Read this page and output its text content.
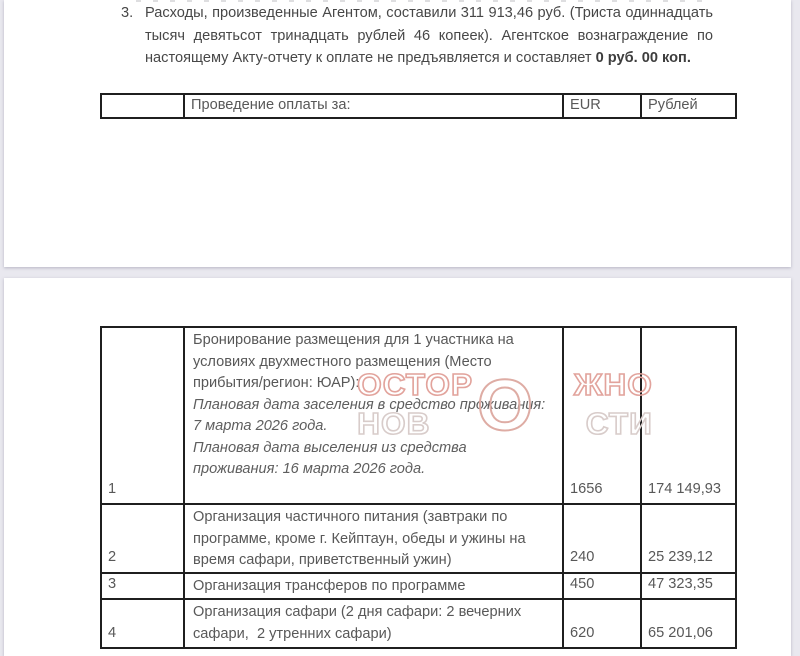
3. Расходы, произведенные Агентом, составили 311 913,46 руб. (Триста одиннадцать тысяч девятьсот тринадцать рублей 46 копеек). Агентское вознаграждение по настоящему Акту-отчету к оплате не предъявляется и составляет 0 руб. 00 коп.
	Проведение оплаты за:	EUR	Рублей
1	Бронирование размещения для 1 участника на условиях двухместного размещения (Место прибытия/регион: ЮАР):
Плановая дата заселения в средство проживания: 7 марта 2026 года.
Плановая дата выселения из средства проживания: 16 марта 2026 года.	1656	174 149,93
2	Организация частичного питания (завтраки по программе, кроме г. Кейптаун, обеды и ужины на время сафари, приветственный ужин)	240	25 239,12
3	Организация трансферов по программе	450	47 323,35
4	Организация сафари (2 дня сафари: 2 вечерних сафари,  2 утренних сафари)	620	65 201,06
ОСТОР	ЖНО
НОВ	СТИ
О
